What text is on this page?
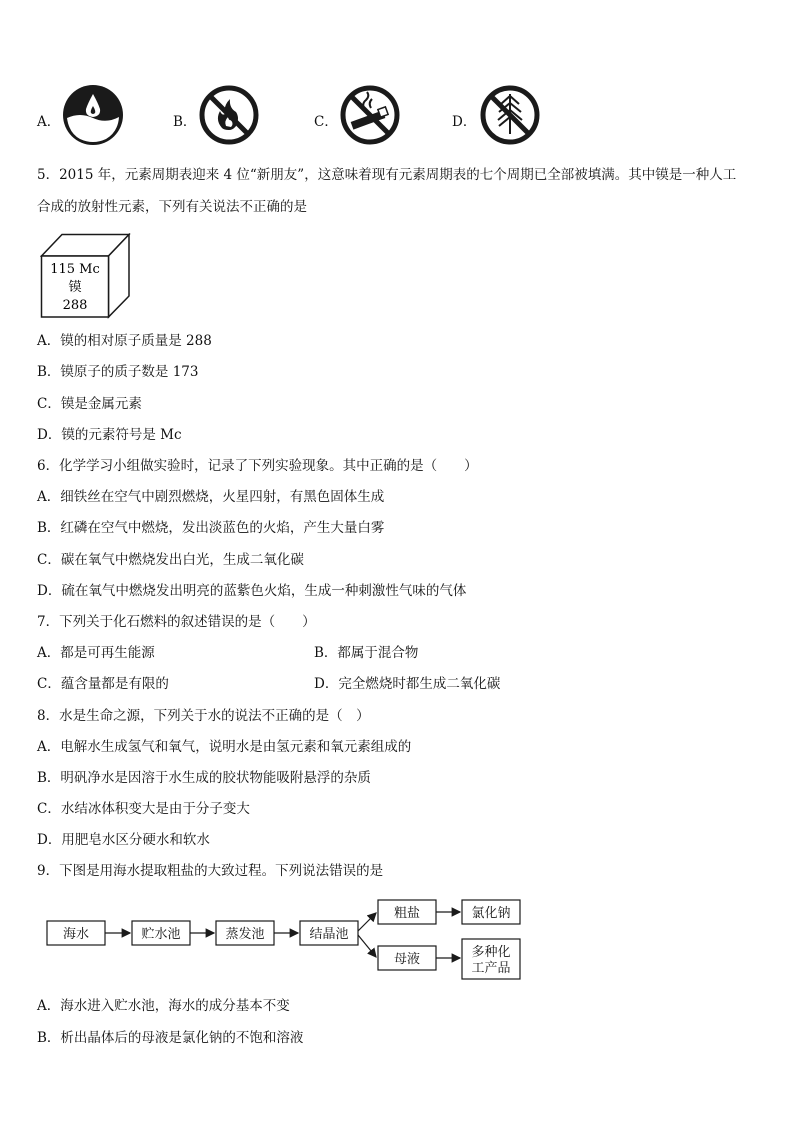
A．	B．	C．	D．
5．2015 年，元素周期表迎来 4 位“新朋友”，这意味着现有元素周期表的七个周期已全部被填满。其中镆是一种人工
合成的放射性元素，下列有关说法不正确的是
115 Mc
镆
288
A．镆的相对原子质量是 288
B．镆原子的质子数是 173
C．镆是金属元素
D．镆的元素符号是 Mc
6．化学学习小组做实验时，记录了下列实验现象。其中正确的是（　　）
A．细铁丝在空气中剧烈燃烧，火星四射，有黑色固体生成
B．红磷在空气中燃烧，发出淡蓝色的火焰，产生大量白雾
C．碳在氧气中燃烧发出白光，生成二氧化碳
D．硫在氧气中燃烧发出明亮的蓝紫色火焰，生成一种刺激性气味的气体
7．下列关于化石燃料的叙述错误的是（　　）
A．都是可再生能源	B．都属于混合物
C．蕴含量都是有限的	D．完全燃烧时都生成二氧化碳
8．水是生命之源，下列关于水的说法不正确的是（　）
A．电解水生成氢气和氧气，说明水是由氢元素和氧元素组成的
B．明矾净水是因溶于水生成的胶状物能吸附悬浮的杂质
C．水结冰体积变大是由于分子变大
D．用肥皂水区分硬水和软水
9．下图是用海水提取粗盐的大致过程。下列说法错误的是
海水	贮水池	蒸发池	结晶池
粗盐	氯化钠
母液	多种化
工产品
A．海水进入贮水池，海水的成分基本不变
B．析出晶体后的母液是氯化钠的不饱和溶液
